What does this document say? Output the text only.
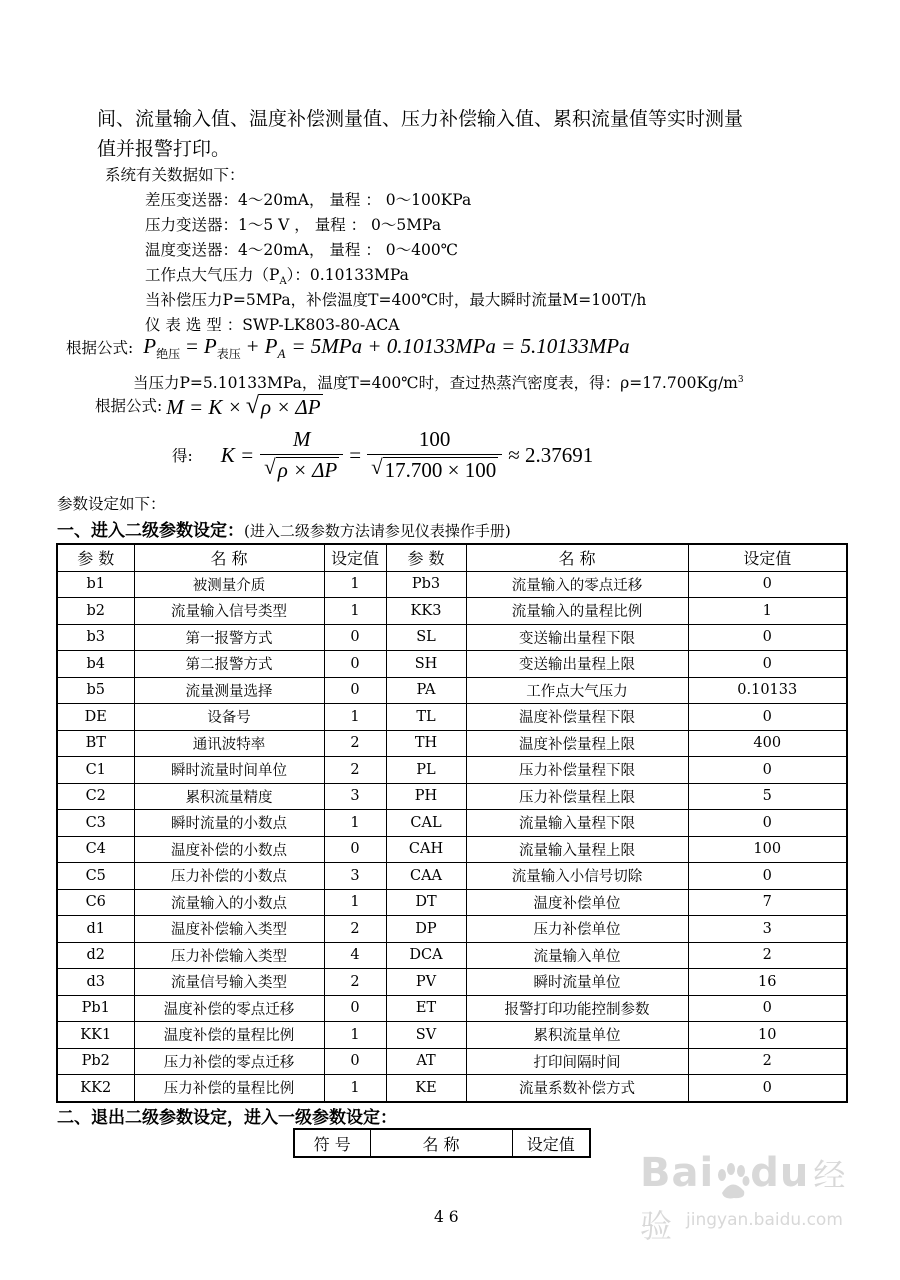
间、流量输入值、温度补偿测量值、压力补偿输入值、累积流量值等实时测量
值并报警打印。
系统有关数据如下：
差压变送器：4～20mA， 量程 ： 0～100KPa
压力变送器：1～5 V ， 量程 ： 0～5MPa
温度变送器：4～20mA， 量程 ： 0～400℃
工作点大气压力$(P_A)$：0.10133MPa
当补偿压力P=5MPa，补偿温度T=400℃时，最大瞬时流量M=100T/h
仪 表 选 型 ：SWP-LK803-80-ACA
根据公式: $P_{绝压} = P_{表压} + P_A = 5MPa + 0.10133MPa = 5.10133MPa$
当压力P=5.10133MPa，温度T=400℃时，查过热蒸汽密度表，得：$\rho=17.700Kg/m^3$
根据公式: M = K × √ ρ × ΔP
得: $K = \frac{M}{√ \rho \times \Delta P} = \frac{100}{√ 17.700 \times 100} \approx 2.37691$
参数设定如下：
一、进入二级参数设定：(进入二级参数方法请参见仪表操作手册)
参 数	名 称	设定值	参 数	名 称	设定值
b1	被测量介质	1	Pb3	流量输入的零点迁移	0
b2	流量输入信号类型	1	KK3	流量输入的量程比例	1
b3	第一报警方式	0	SL	变送输出量程下限	0
b4	第二报警方式	0	SH	变送输出量程上限	0
b5	流量测量选择	0	PA	工作点大气压力	0.10133
DE	设备号	1	TL	温度补偿量程下限	0
BT	通讯波特率	2	TH	温度补偿量程上限	400
C1	瞬时流量时间单位	2	PL	压力补偿量程下限	0
C2	累积流量精度	3	PH	压力补偿量程上限	5
C3	瞬时流量的小数点	1	CAL	流量输入量程下限	0
C4	温度补偿的小数点	0	CAH	流量输入量程上限	100
C5	压力补偿的小数点	3	CAA	流量输入小信号切除	0
C6	流量输入的小数点	1	DT	温度补偿单位	7
d1	温度补偿输入类型	2	DP	压力补偿单位	3
d2	压力补偿输入类型	4	DCA	流量输入单位	2
d3	流量信号输入类型	2	PV	瞬时流量单位	16
Pb1	温度补偿的零点迁移	0	ET	报警打印功能控制参数	0
KK1	温度补偿的量程比例	1	SV	累积流量单位	10
Pb2	压力补偿的零点迁移	0	AT	打印间隔时间	2
KK2	压力补偿的量程比例	1	KE	流量系数补偿方式	0
二、退出二级参数设定，进入一级参数设定：
符 号	名 称	设定值
4 6
Bai du 经验 jingyan.baidu.com
